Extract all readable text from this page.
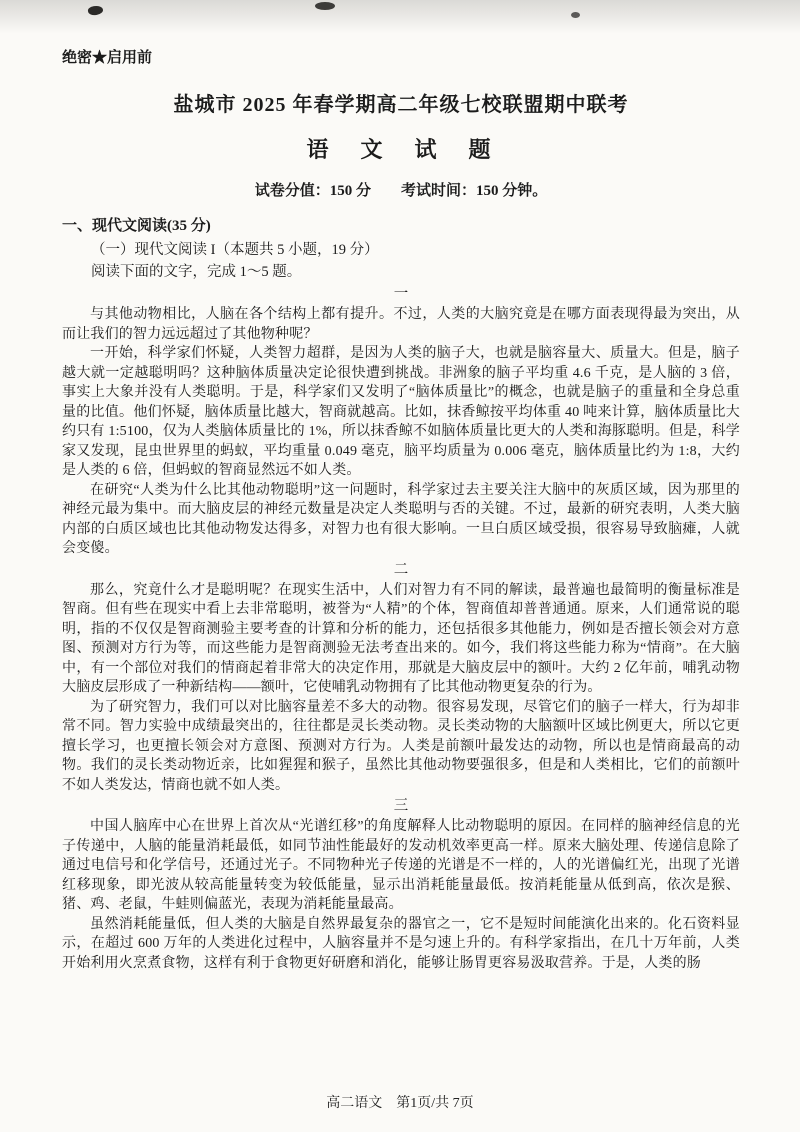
绝密★启用前
盐城市 2025 年春学期高二年级七校联盟期中联考
语　文　试　题
试卷分值：150 分　　考试时间：150 分钟。
一、现代文阅读(35 分)
（一）现代文阅读 I（本题共 5 小题，19 分）
阅读下面的文字，完成 1～5 题。
一

与其他动物相比，人脑在各个结构上都有提升。不过，人类的大脑究竟是在哪方面表现得最为突出，从而让我们的智力远远超过了其他物种呢？

一开始，科学家们怀疑，人类智力超群，是因为人类的脑子大，也就是脑容量大、质量大。但是，脑子越大就一定越聪明吗？这种脑体质量决定论很快遭到挑战。非洲象的脑子平均重 4.6 千克，是人脑的 3 倍，事实上大象并没有人类聪明。于是，科学家们又发明了“脑体质量比”的概念，也就是脑子的重量和全身总重量的比值。他们怀疑，脑体质量比越大，智商就越高。比如，抹香鲸按平均体重 40 吨来计算，脑体质量比大约只有 1:5100，仅为人类脑体质量比的 1%，所以抹香鲸不如脑体质量比更大的人类和海豚聪明。但是，科学家又发现，昆虫世界里的蚂蚁，平均重量 0.049 毫克，脑平均质量为 0.006 毫克，脑体质量比约为 1:8，大约是人类的 6 倍，但蚂蚁的智商显然远不如人类。

在研究“人类为什么比其他动物聪明”这一问题时，科学家过去主要关注大脑中的灰质区域，因为那里的神经元最为集中。而大脑皮层的神经元数量是决定人类聪明与否的关键。不过，最新的研究表明，人类大脑内部的白质区域也比其他动物发达得多，对智力也有很大影响。一旦白质区域受损，很容易导致脑瘫，人就会变傻。

二

那么，究竟什么才是聪明呢？在现实生活中，人们对智力有不同的解读，最普遍也最简明的衡量标准是智商。但有些在现实中看上去非常聪明，被誉为“人精”的个体，智商值却普普通通。原来，人们通常说的聪明，指的不仅仅是智商测验主要考查的计算和分析的能力，还包括很多其他能力，例如是否擅长领会对方意图、预测对方行为等，而这些能力是智商测验无法考查出来的。如今，我们将这些能力称为“情商”。在大脑中，有一个部位对我们的情商起着非常大的决定作用，那就是大脑皮层中的额叶。大约 2 亿年前，哺乳动物大脑皮层形成了一种新结构——额叶，它使哺乳动物拥有了比其他动物更复杂的行为。

为了研究智力，我们可以对比脑容量差不多大的动物。很容易发现，尽管它们的脑子一样大，行为却非常不同。智力实验中成绩最突出的，往往都是灵长类动物。灵长类动物的大脑额叶区域比例更大，所以它更擅长学习，也更擅长领会对方意图、预测对方行为。人类是前额叶最发达的动物，所以也是情商最高的动物。我们的灵长类动物近亲，比如猩猩和猴子，虽然比其他动物要强很多，但是和人类相比，它们的前额叶不如人类发达，情商也就不如人类。

三

中国人脑库中心在世界上首次从“光谱红移”的角度解释人比动物聪明的原因。在同样的脑神经信息的光子传递中，人脑的能量消耗最低，如同节油性能最好的发动机效率更高一样。原来大脑处理、传递信息除了通过电信号和化学信号，还通过光子。不同物种光子传递的光谱是不一样的，人的光谱偏红光，出现了光谱红移现象，即光波从较高能量转变为较低能量，显示出消耗能量最低。按消耗能量从低到高，依次是猴、猪、鸡、老鼠，牛蛙则偏蓝光，表现为消耗能量最高。

虽然消耗能量低，但人类的大脑是自然界最复杂的器官之一，它不是短时间能演化出来的。化石资料显示，在超过 600 万年的人类进化过程中，人脑容量并不是匀速上升的。有科学家指出，在几十万年前，人类开始利用火烹煮食物，这样有利于食物更好研磨和消化，能够让肠胃更容易汲取营养。于是，人类的肠

高二语文　第1页/共 7页
